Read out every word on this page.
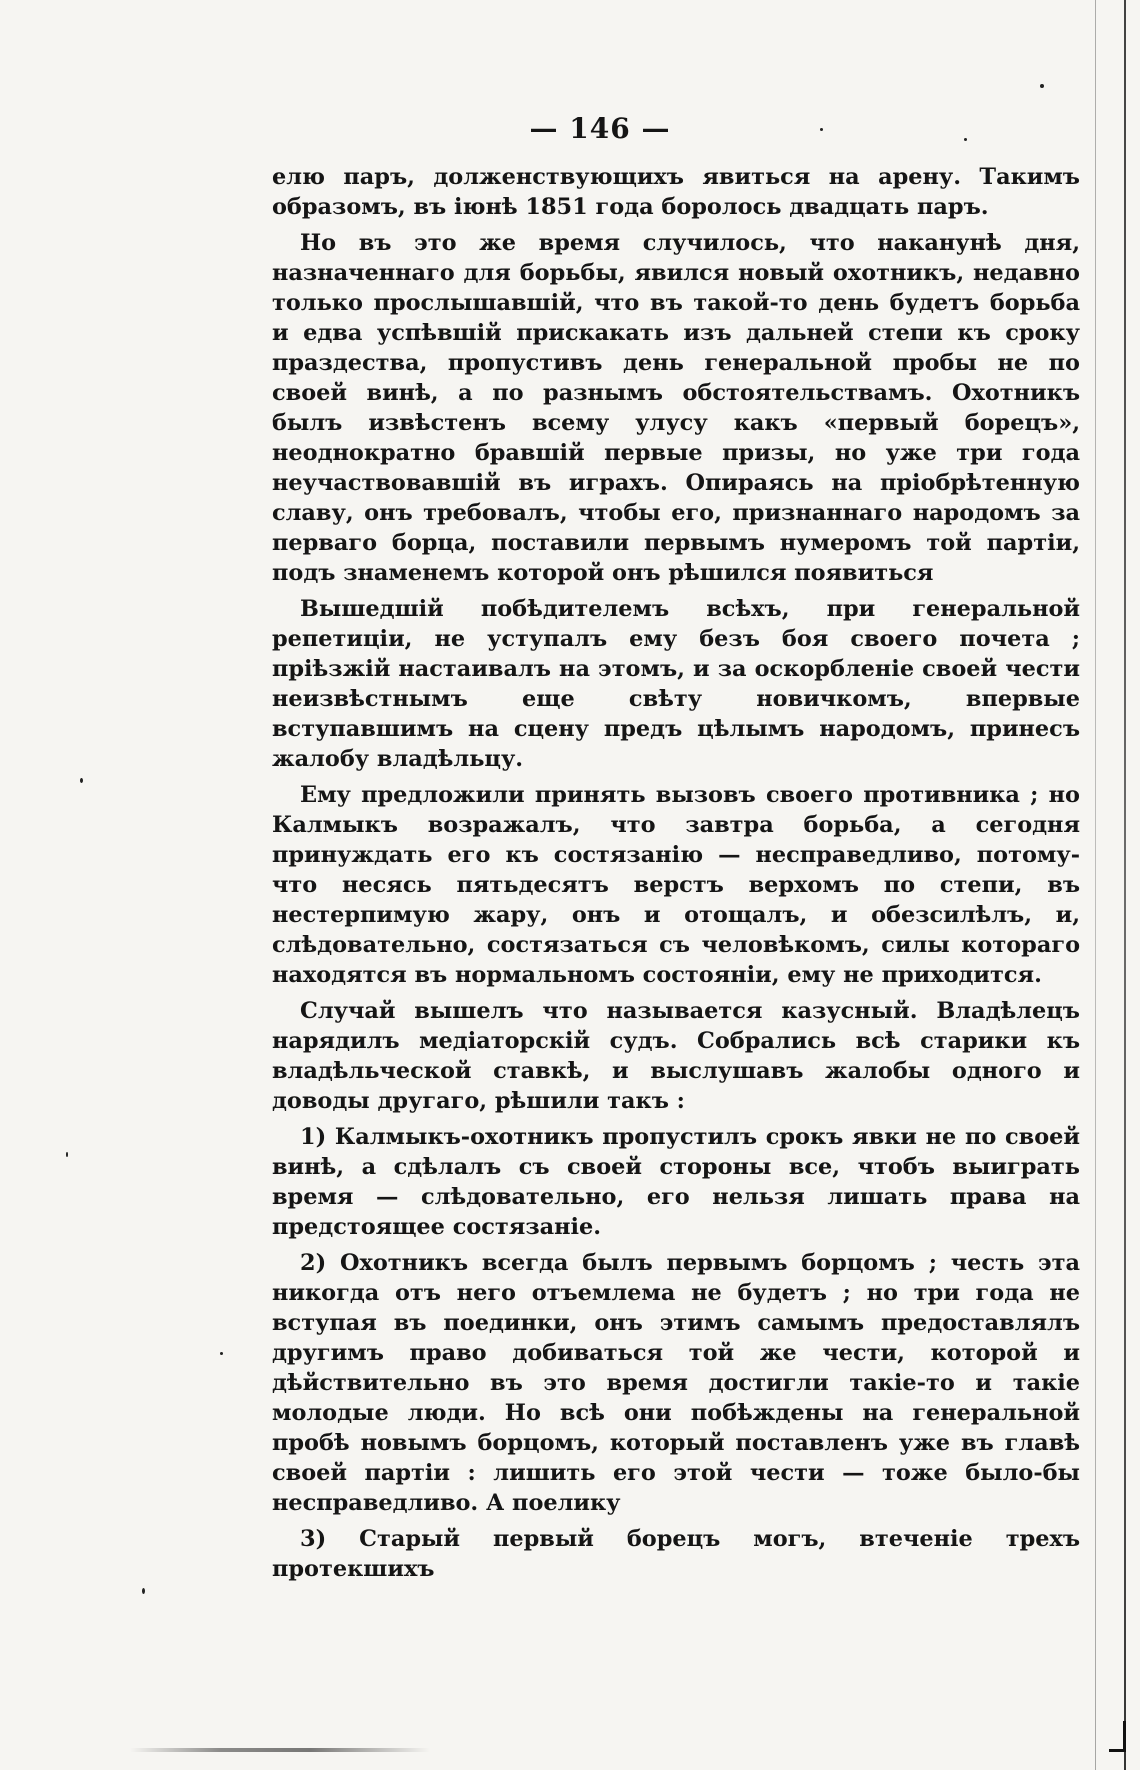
— 146 —

елю паръ, долженствующихъ явиться на арену. Такимъ образомъ, въ іюнѣ 1851 года боролось двадцать паръ.

Но въ это же время случилось, что наканунѣ дня, назначеннаго для борьбы, явился новый охотникъ, недавно только прослышавшій, что въ такой-то день будетъ борьба и едва успѣвшій прискакать изъ дальней степи къ сроку праздества, пропустивъ день генеральной пробы не по своей винѣ, а по разнымъ обстоятельствамъ. Охотникъ былъ извѣстенъ всему улусу какъ «первый борецъ», неоднократно бравшій первые призы, но уже три года неучаствовавшій въ играхъ. Опираясь на пріобрѣтенную славу, онъ требовалъ, чтобы его, признаннаго народомъ за перваго борца, поставили первымъ нумеромъ той партіи, подъ знаменемъ которой онъ рѣшился появиться

Вышедшій побѣдителемъ всѣхъ, при генеральной репетиціи, не уступалъ ему безъ боя своего почета ; пріѣзжій настаивалъ на этомъ, и за оскорбленіе своей чести неизвѣстнымъ еще свѣту новичкомъ, впервые вступавшимъ на сцену предъ цѣлымъ народомъ, принесъ жалобу владѣльцу.

Ему предложили принять вызовъ своего противника ; но Калмыкъ возражалъ, что завтра борьба, а сегодня принуждать его къ состязанію — несправедливо, потому-что несясь пятьдесятъ верстъ верхомъ по степи, въ нестерпимую жару, онъ и отощалъ, и обезсилѣлъ, и, слѣдовательно, состязаться съ человѣкомъ, силы котораго находятся въ нормальномъ состояніи, ему не приходится.

Случай вышелъ что называется казусный. Владѣлецъ нарядилъ медіаторскій судъ. Собрались всѣ старики къ владѣльческой ставкѣ, и выслушавъ жалобы одного и доводы другаго, рѣшили такъ :

1) Калмыкъ-охотникъ пропустилъ срокъ явки не по своей винѣ, а сдѣлалъ съ своей стороны все, чтобъ выиграть время — слѣдовательно, его нельзя лишать права на предстоящее состязаніе.

2) Охотникъ всегда былъ первымъ борцомъ ; честь эта никогда отъ него отъемлема не будетъ ; но три года не вступая въ поединки, онъ этимъ самымъ предоставлялъ другимъ право добиваться той же чести, которой и дѣйствительно въ это время достигли такіе-то и такіе молодые люди. Но всѣ они побѣждены на генеральной пробѣ новымъ борцомъ, который поставленъ уже въ главѣ своей партіи : лишить его этой чести — тоже было-бы несправедливо. А поелику

3) Старый первый борецъ могъ, втеченіе трехъ протекшихъ
